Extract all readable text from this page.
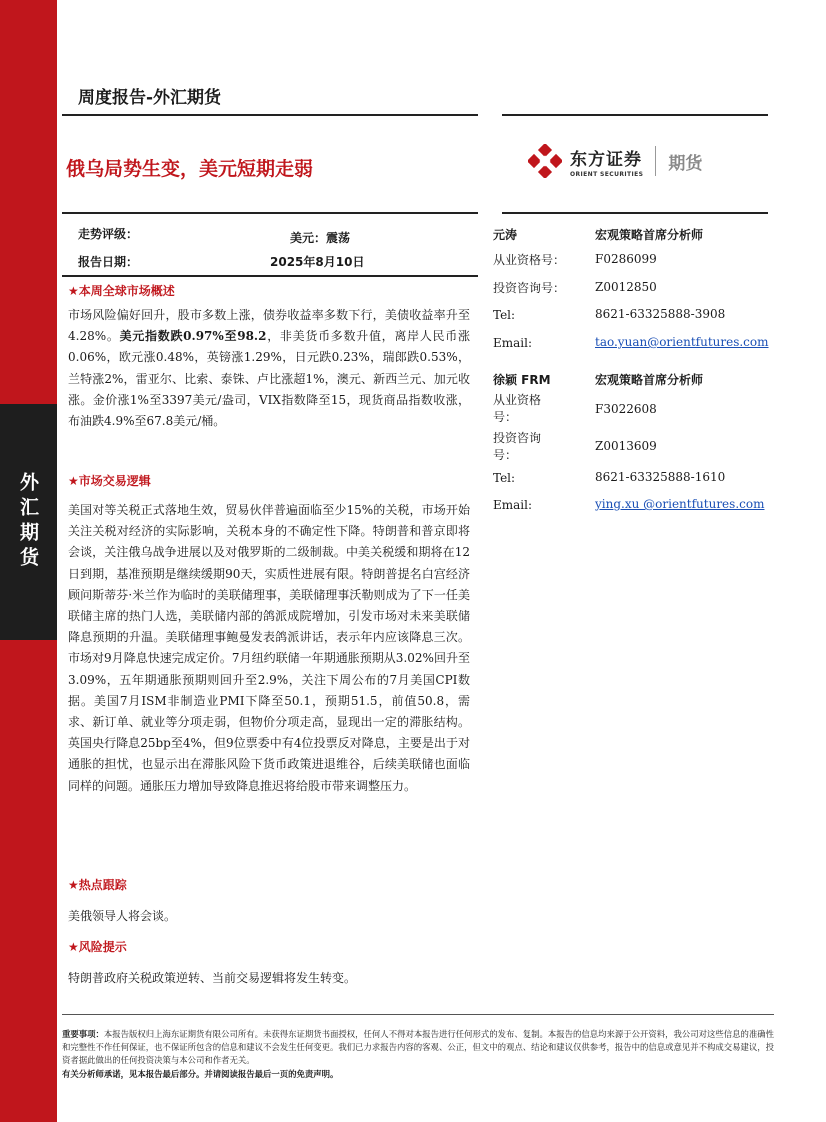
外汇期货
周度报告-外汇期货
俄乌局势生变，美元短期走弱	东方证券
ORIENT SECURITIES
期货
走势评级：	美元：震荡
报告日期：	2025年8月10日
★本周全球市场概述

市场风险偏好回升，股市多数上涨，债券收益率多数下行，美债收益率升至4.28%。美元指数跌0.97%至98.2，非美货币多数升值，离岸人民币涨0.06%，欧元涨0.48%，英镑涨1.29%，日元跌0.23%，瑞郎跌0.53%，兰特涨2%，雷亚尔、比索、泰铢、卢比涨超1%，澳元、新西兰元、加元收涨。金价涨1%至3397美元/盎司，VIX指数降至15，现货商品指数收涨，布油跌4.9%至67.8美元/桶。

★市场交易逻辑

美国对等关税正式落地生效，贸易伙伴普遍面临至少15%的关税，市场开始关注关税对经济的实际影响，关税本身的不确定性下降。特朗普和普京即将会谈，关注俄乌战争进展以及对俄罗斯的二级制裁。中美关税缓和期将在12日到期，基准预期是继续缓期90天，实质性进展有限。特朗普提名白宫经济顾问斯蒂芬·米兰作为临时的美联储理事，美联储理事沃勒则成为了下一任美联储主席的热门人选，美联储内部的鸽派成院增加，引发市场对未来美联储降息预期的升温。美联储理事鲍曼发表鸽派讲话，表示年内应该降息三次。市场对9月降息快速完成定价。7月纽约联储一年期通胀预期从3.02%回升至3.09%，五年期通胀预期则回升至2.9%，关注下周公布的7月美国CPI数据。美国7月ISM非制造业PMI下降至50.1，预期51.5，前值50.8，需求、新订单、就业等分项走弱，但物价分项走高，显现出一定的滞胀结构。英国央行降息25bp至4%，但9位票委中有4位投票反对降息，主要是出于对通胀的担忧，也显示出在滞胀风险下货币政策进退维谷，后续美联储也面临同样的问题。通胀压力增加导致降息推迟将给股市带来调整压力。

★热点跟踪
美俄领导人将会谈。
★风险提示
特朗普政府关税政策逆转、当前交易逻辑将发生转变。
元涛	宏观策略首席分析师
从业资格号：	F0286099
投资咨询号：	Z0012850
Tel:	8621-63325888-3908
Email:	tao.yuan@orientfutures.com
徐颖 FRM	宏观策略首席分析师
从业资格号：
F3022608
投资咨询号：
Z0013609
Tel:	8621-63325888-1610
Email:	ying.xu @orientfutures.com

重要事项：本报告版权归上海东证期货有限公司所有。未获得东证期货书面授权，任何人不得对本报告进行任何形式的发布、复制。本报告的信息均来源于公开资料，我公司对这些信息的准确性和完整性不作任何保证，也不保证所包含的信息和建议不会发生任何变更。我们已力求报告内容的客观、公正，但文中的观点、结论和建议仅供参考，报告中的信息或意见并不构成交易建议，投资者据此做出的任何投资决策与本公司和作者无关。

有关分析师承诺，见本报告最后部分。并请阅读报告最后一页的免责声明。
